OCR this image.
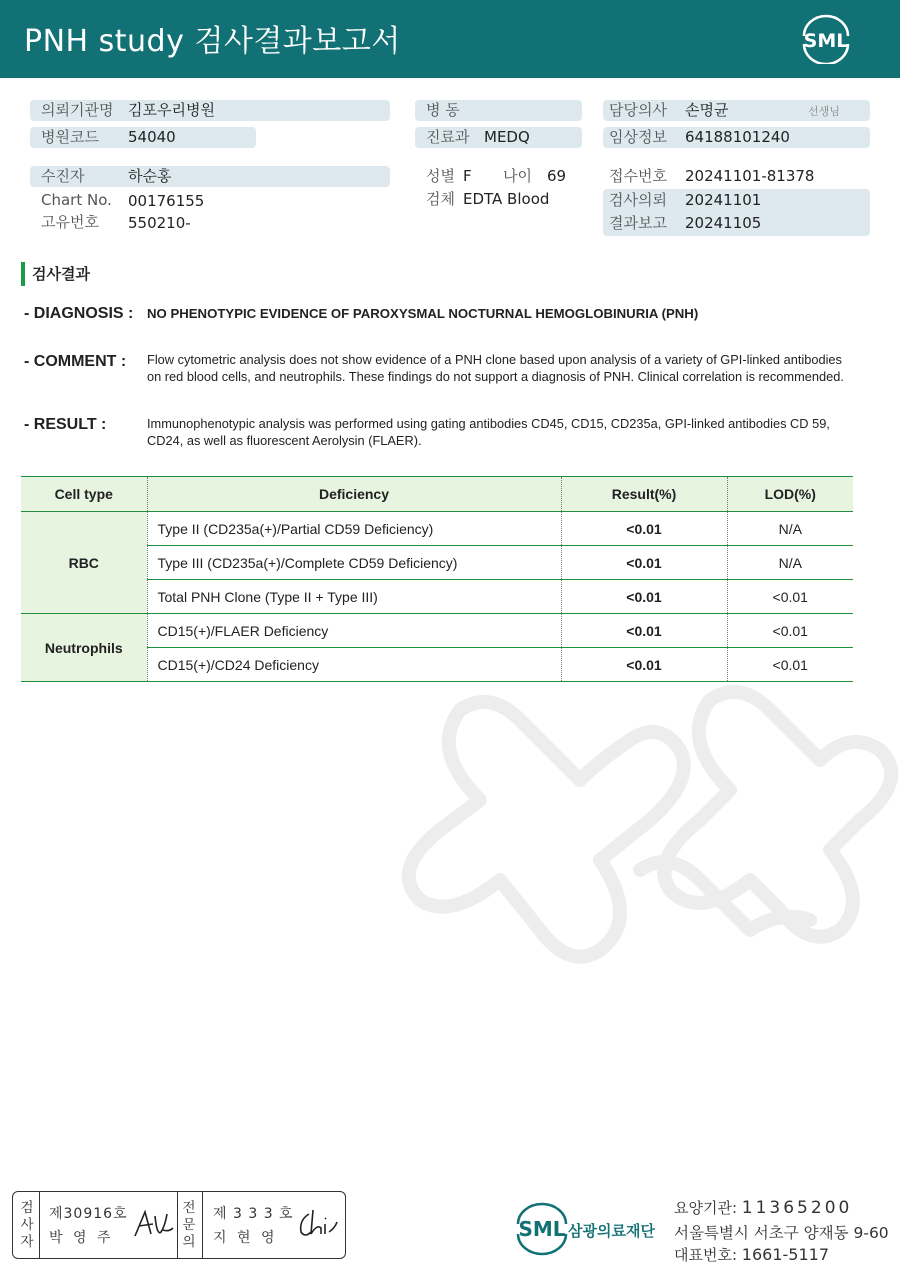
PNH study 검사결과보고서	SML
의뢰기관명 김포우리병원
병원코드 54040
수진자	하순홍
Chart No. 00176155
고유번호 550210-
병 동
진료과 MEDQ
성별 F 나이 69
검체 EDTA Blood
담당의사 손명균	선생님
임상정보 64188101240
접수번호 20241101-81378
검사의뢰 20241101
결과보고 20241105
검사결과
- DIAGNOSIS : NO PHENOTYPIC EVIDENCE OF PAROXYSMAL NOCTURNAL HEMOGLOBINURIA (PNH)
- COMMENT : Flow cytometric analysis does not show evidence of a PNH clone based upon analysis of a variety of GPI-linked antibodies on red blood cells, and neutrophils. These findings do not support a diagnosis of PNH. Clinical correlation is recommended.
- RESULT :	Immunophenotypic analysis was performed using gating antibodies CD45, CD15, CD235a, GPI-linked antibodies CD 59, CD24, as well as fluorescent Aerolysin (FLAER).
Cell type	Deficiency	Result(%)	LOD(%)
RBC	Type II (CD235a(+)/Partial CD59 Deficiency)	<0.01	N/A
	Type III (CD235a(+)/Complete CD59 Deficiency)	<0.01	N/A
	Total PNH Clone (Type II + Type III)	<0.01	<0.01
Neutrophils	CD15(+)/FLAER Deficiency	<0.01	<0.01
	CD15(+)/CD24 Deficiency	<0.01	<0.01
검사자
제30916호
박 영 주
전문의
제 3 3 3 호
지 현 영	SML 삼광의료재단
요양기관: 11365200
서울특별시 서초구 양재동 9-60
대표번호: 1661-5117
